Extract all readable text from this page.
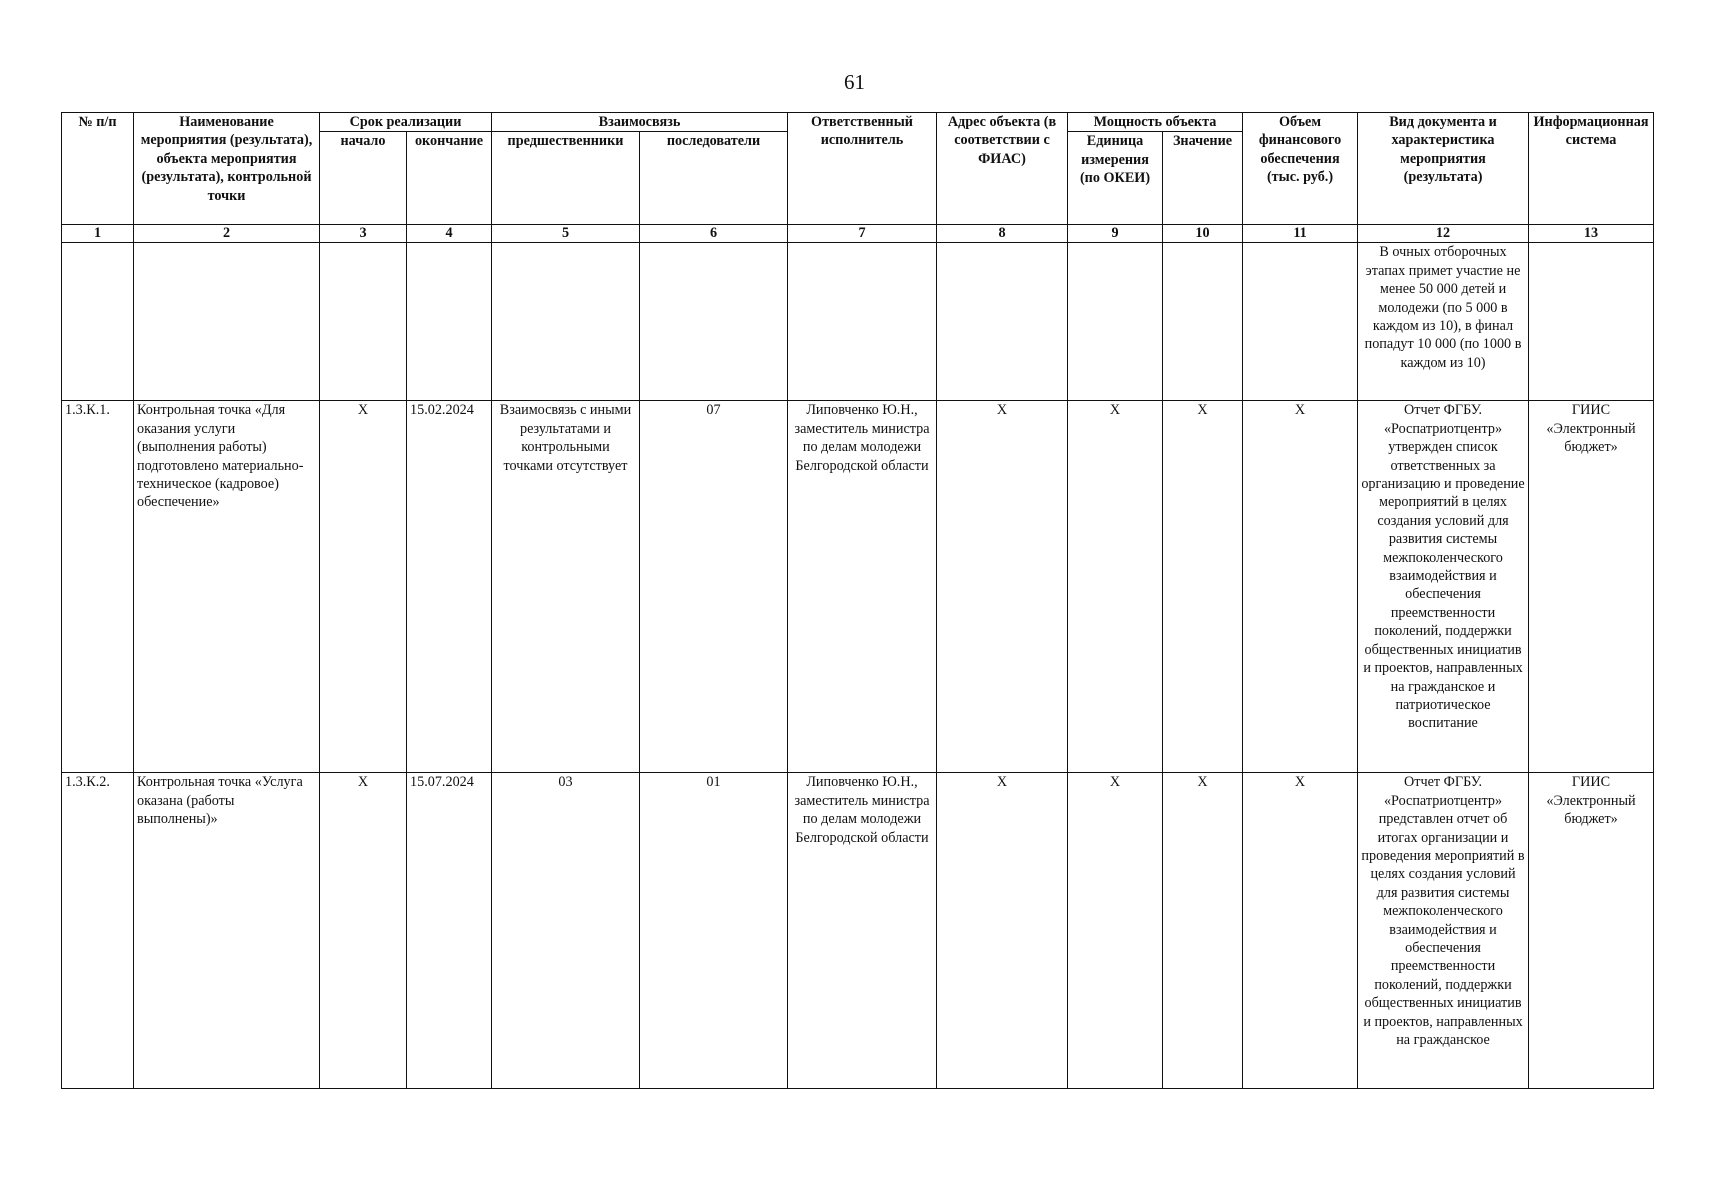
61
№ п/п	Наименование мероприятия (результата), объекта мероприятия (результата), контрольной точки	Срок реализации		Взаимосвязь		Ответственный исполнитель	Адрес объекта (в соответствии с ФИАС)	Мощность объекта		Объем финансового обеспечения (тыс. руб.)	Вид документа и характеристика мероприятия (результата)	Информационная система
		начало	окончание	предшественники	последователи			Единица измерения (по ОКЕИ)	Значение			
1	2	3	4	5	6	7	8	9	10	11	12	13
											В очных отборочных этапах примет участие не менее 50 000 детей и молодежи (по 5 000 в каждом из 10), в финал попадут 10 000 (по 1000 в каждом из 10)	
1.3.К.1.	Контрольная точка «Для оказания услуги (выполнения работы) подготовлено материально-техническое (кадровое) обеспечение»	X	15.02.2024	Взаимосвязь с иными результатами и контрольными точками отсутствует	07	Липовченко Ю.Н., заместитель министра по делам молодежи Белгородской области	X	X	X	X	Отчет ФГБУ. «Роспатриотцентр» утвержден список ответственных за организацию и проведение мероприятий в целях создания условий для развития системы межпоколенческого взаимодействия и обеспечения преемственности поколений, поддержки общественных инициатив и проектов, направленных на гражданское и патриотическое воспитание	ГИИС «Электронный бюджет»
1.3.К.2.	Контрольная точка «Услуга оказана (работы выполнены)»	X	15.07.2024	03	01	Липовченко Ю.Н., заместитель министра по делам молодежи Белгородской области	X	X	X	X	Отчет ФГБУ. «Роспатриотцентр» представлен отчет об итогах организации и проведения мероприятий в целях создания условий для развития системы межпоколенческого взаимодействия и обеспечения преемственности поколений, поддержки общественных инициатив и проектов, направленных на гражданское	ГИИС «Электронный бюджет»
